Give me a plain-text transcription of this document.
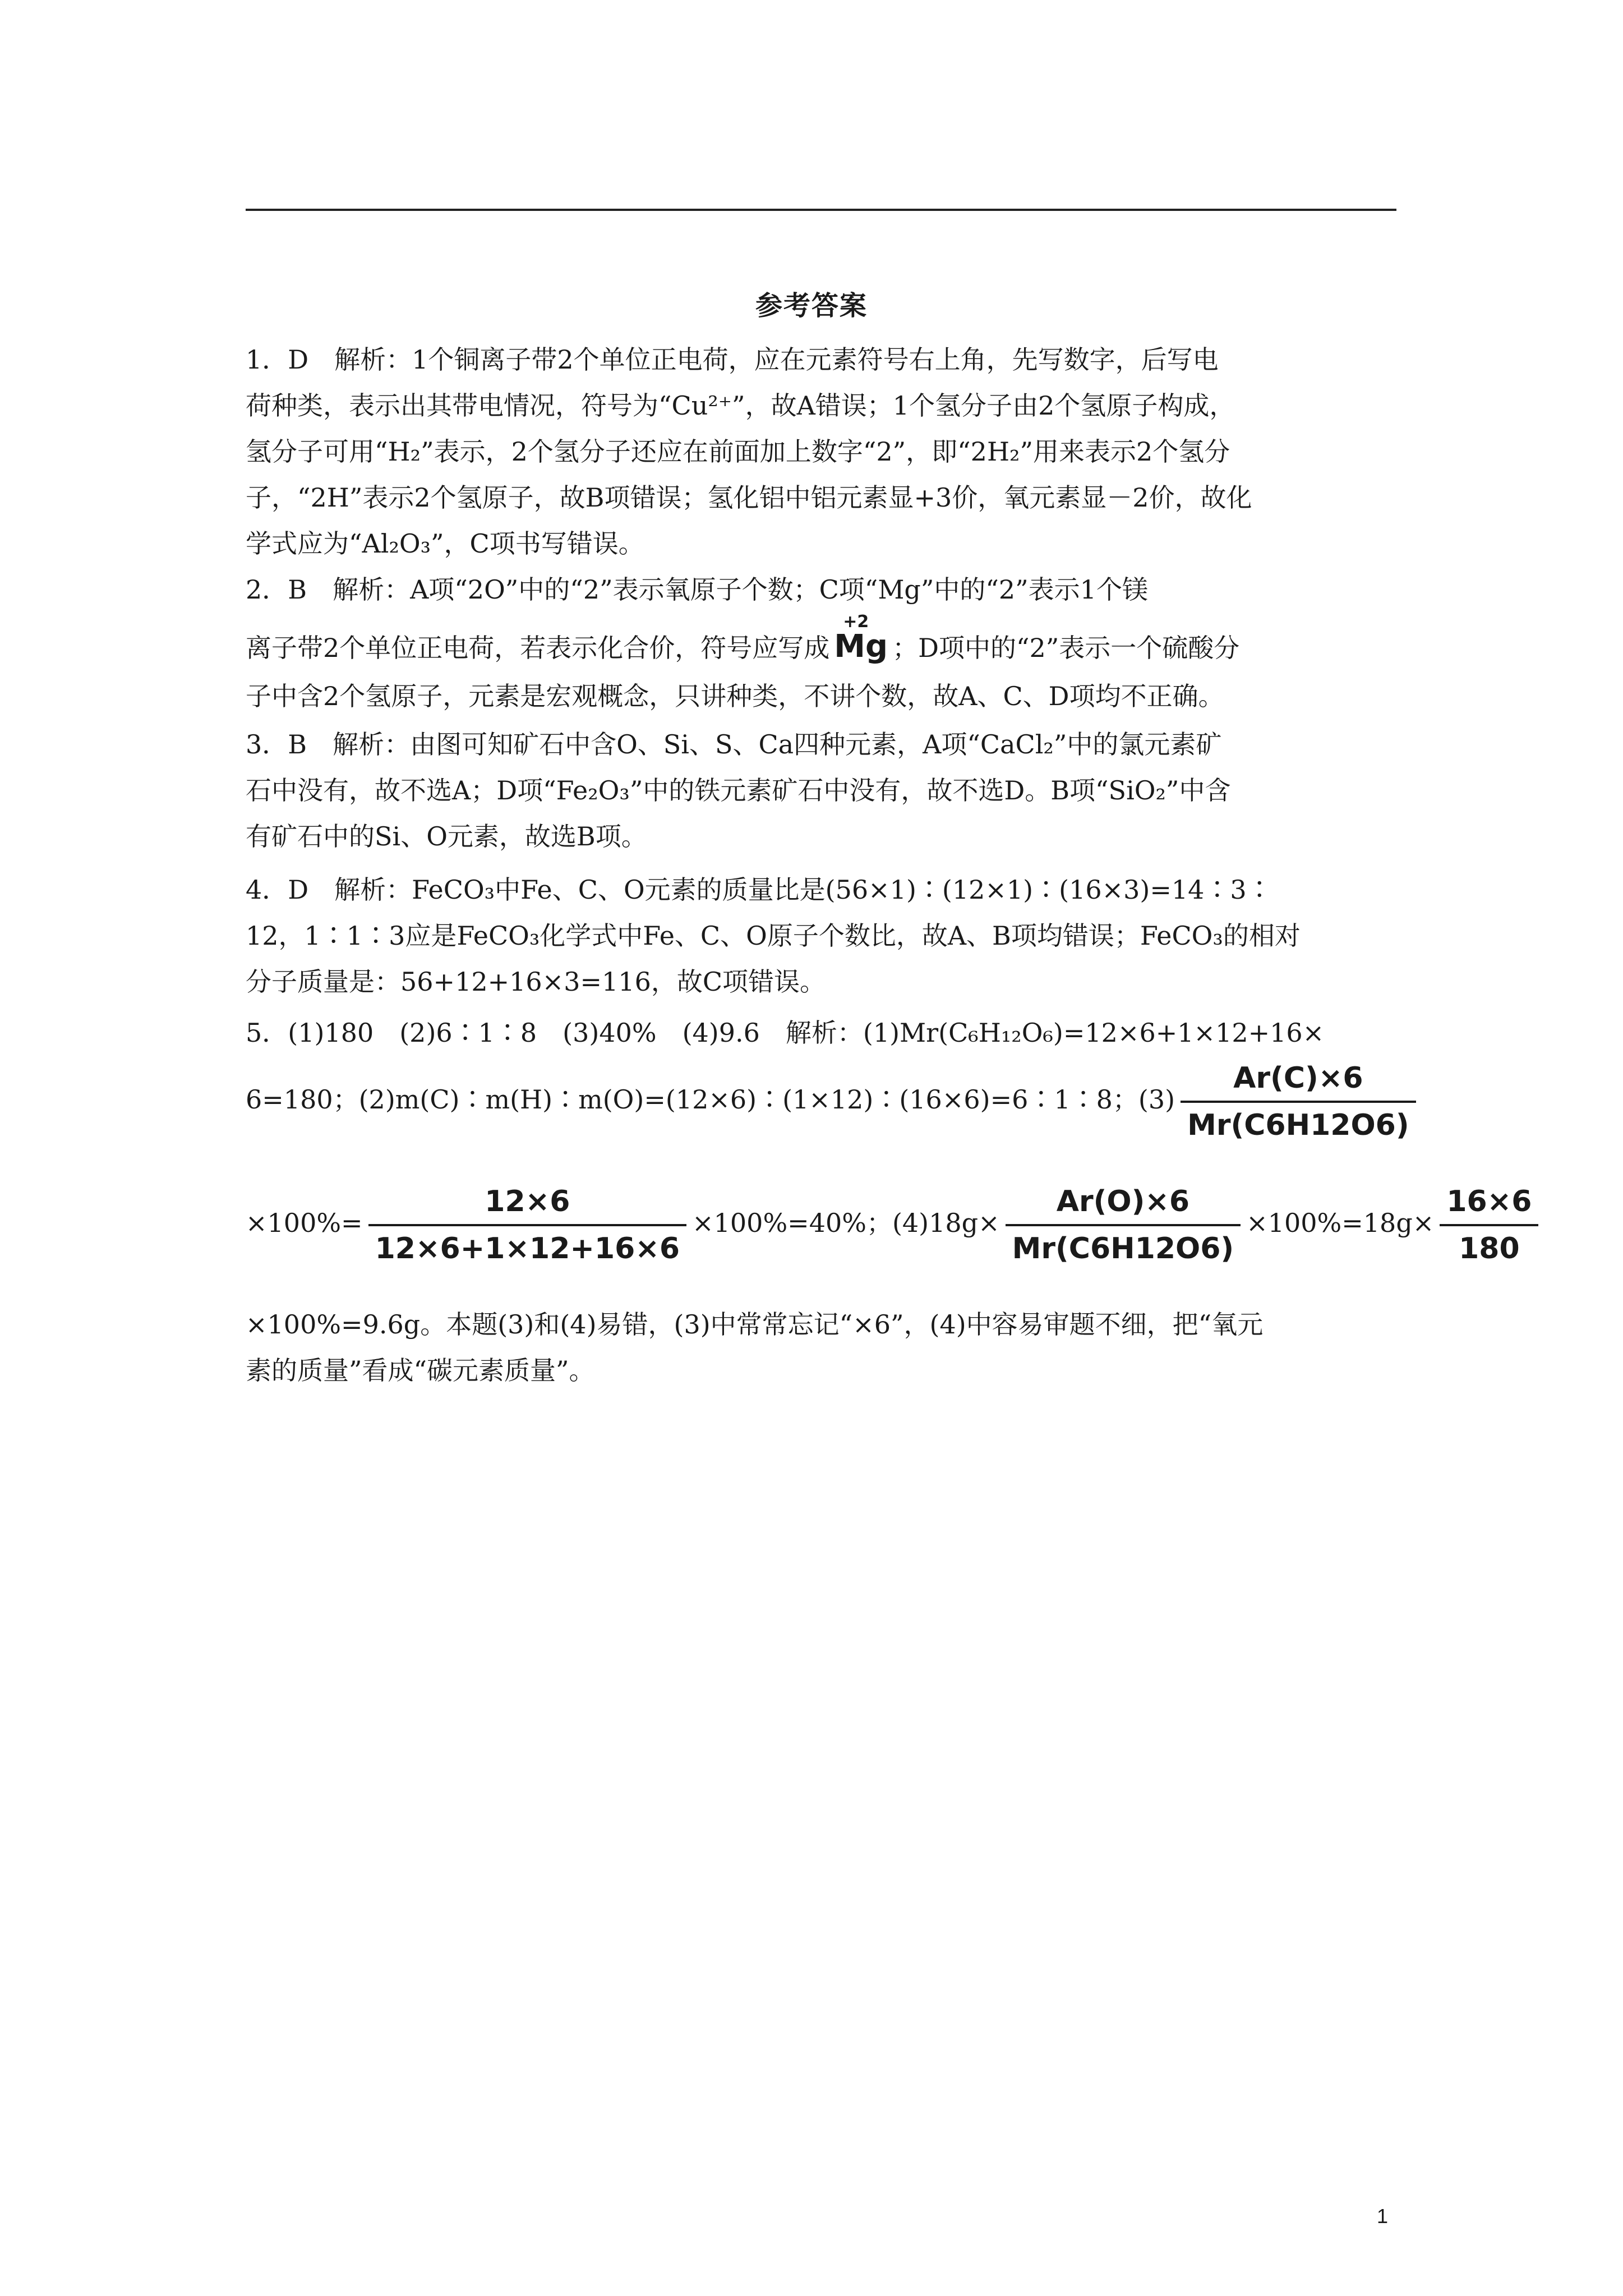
参考答案
1．D　解析：1个铜离子带2个单位正电荷，应在元素符号右上角，先写数字，后写电
荷种类，表示出其带电情况，符号为“Cu²⁺”，故A错误；1个氢分子由2个氢原子构成，
氢分子可用“H₂”表示，2个氢分子还应在前面加上数字“2”，即“2H₂”用来表示2个氢分
子，“2H”表示2个氢原子，故B项错误；氢化铝中铝元素显+3价，氧元素显－2价，故化
学式应为“Al₂O₃”，C项书写错误。
2．B　解析：A项“2O”中的“2”表示氧原子个数；C项“Mg”中的“2”表示1个镁
离子带2个单位正电荷，若表示化合价，符号应写成
+2
Mg ；D项中的“2”表示一个硫酸分
子中含2个氢原子，元素是宏观概念，只讲种类，不讲个数，故A、C、D项均不正确。
3．B　解析：由图可知矿石中含O、Si、S、Ca四种元素，A项“CaCl₂”中的氯元素矿
石中没有，故不选A；D项“Fe₂O₃”中的铁元素矿石中没有，故不选D。B项“SiO₂”中含
有矿石中的Si、O元素，故选B项。
4．D　解析：FeCO₃中Fe、C、O元素的质量比是(56×1)∶(12×1)∶(16×3)=14∶3∶
12，1∶1∶3应是FeCO₃化学式中Fe、C、O原子个数比，故A、B项均错误；FeCO₃的相对
分子质量是：56+12+16×3=116，故C项错误。
5．(1)180　(2)6∶1∶8　(3)40%　(4)9.6　解析：(1)Mr(C₆H₁₂O₆)=12×6+1×12+16×
6=180；(2)m(C)∶m(H)∶m(O)=(12×6)∶(1×12)∶(16×6)=6∶1∶8；$(3) \frac{Ar(C)\times 6}{Mr(C6H12O6)}$
$\times 100\%= \frac{12\times 6}{12\times 6+1\times 12+16\times 6} \times 100\%=40\%$；$(4)18g\times \frac{Ar(O)\times 6}{Mr(C6H12O6)} \times 100\%=18g\times \frac{16\times 6}{180}$
×100%=9.6g。本题(3)和(4)易错，(3)中常常忘记“×6”，(4)中容易审题不细，把“氧元
素的质量”看成“碳元素质量”。
1
